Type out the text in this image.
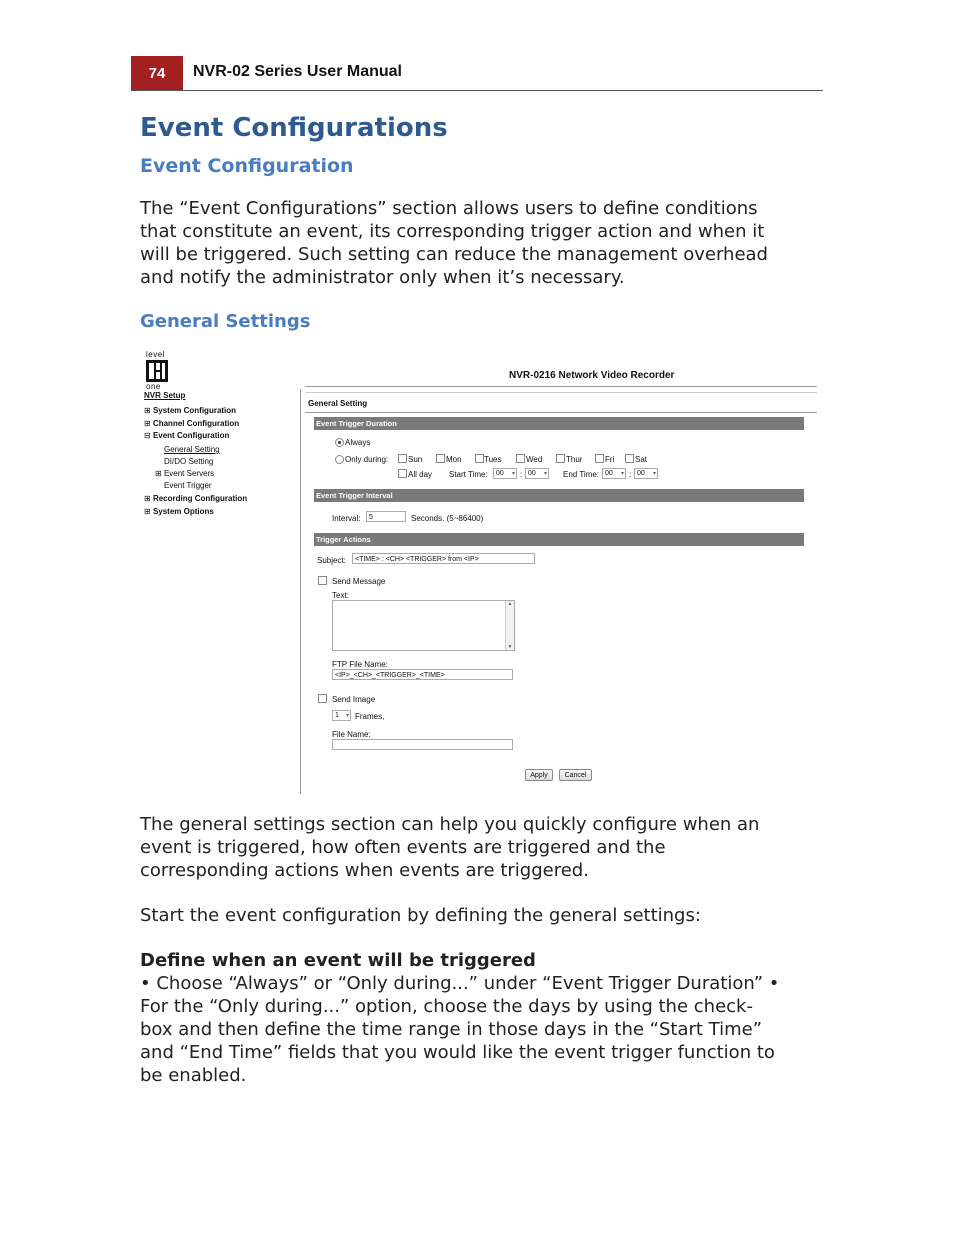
74	NVR-02 Series User Manual
Event Configurations
Event Configuration
The “Event Configurations” section allows users to define conditions
that constitute an event, its corresponding trigger action and when it
will be triggered. Such setting can reduce the management overhead
and notify the administrator only when it’s necessary.
General Settings
level
one
NVR-0216 Network Video Recorder
NVR Setup
⊞ System Configuration
⊞ Channel Configuration
⊟ Event Configuration
General Setting
DI/DO Setting
⊞ Event Servers
Event Trigger
⊞ Recording Configuration
⊞ System Options
General Setting
Event Trigger Duration
Always
Only during: Sun	Mon	Tues	Wed	Thur	Fri	Sat
All day Start Time:	00 ▾ : 00 ▾ End Time: 00 ▾ : 00 ▾
Event Trigger Interval
Interval:	5	Seconds. (5~86400)
Trigger Actions
Subject:	<TIME> : <CH> <TRIGGER> from <IP>
Send Message
Text:
▲
▼
FTP File Name:
<IP>_<CH>_<TRIGGER>_<TIME>
Send Image
1 ▾ Frames,
File Name:
Apply	Cancel
The general settings section can help you quickly configure when an
event is triggered, how often events are triggered and the
corresponding actions when events are triggered.
Start the event configuration by defining the general settings:
Define when an event will be triggered
• Choose “Always” or “Only during...” under “Event Trigger Duration” •
For the “Only during...” option, choose the days by using the check-
box and then define the time range in those days in the “Start Time”
and “End Time” fields that you would like the event trigger function to
be enabled.
